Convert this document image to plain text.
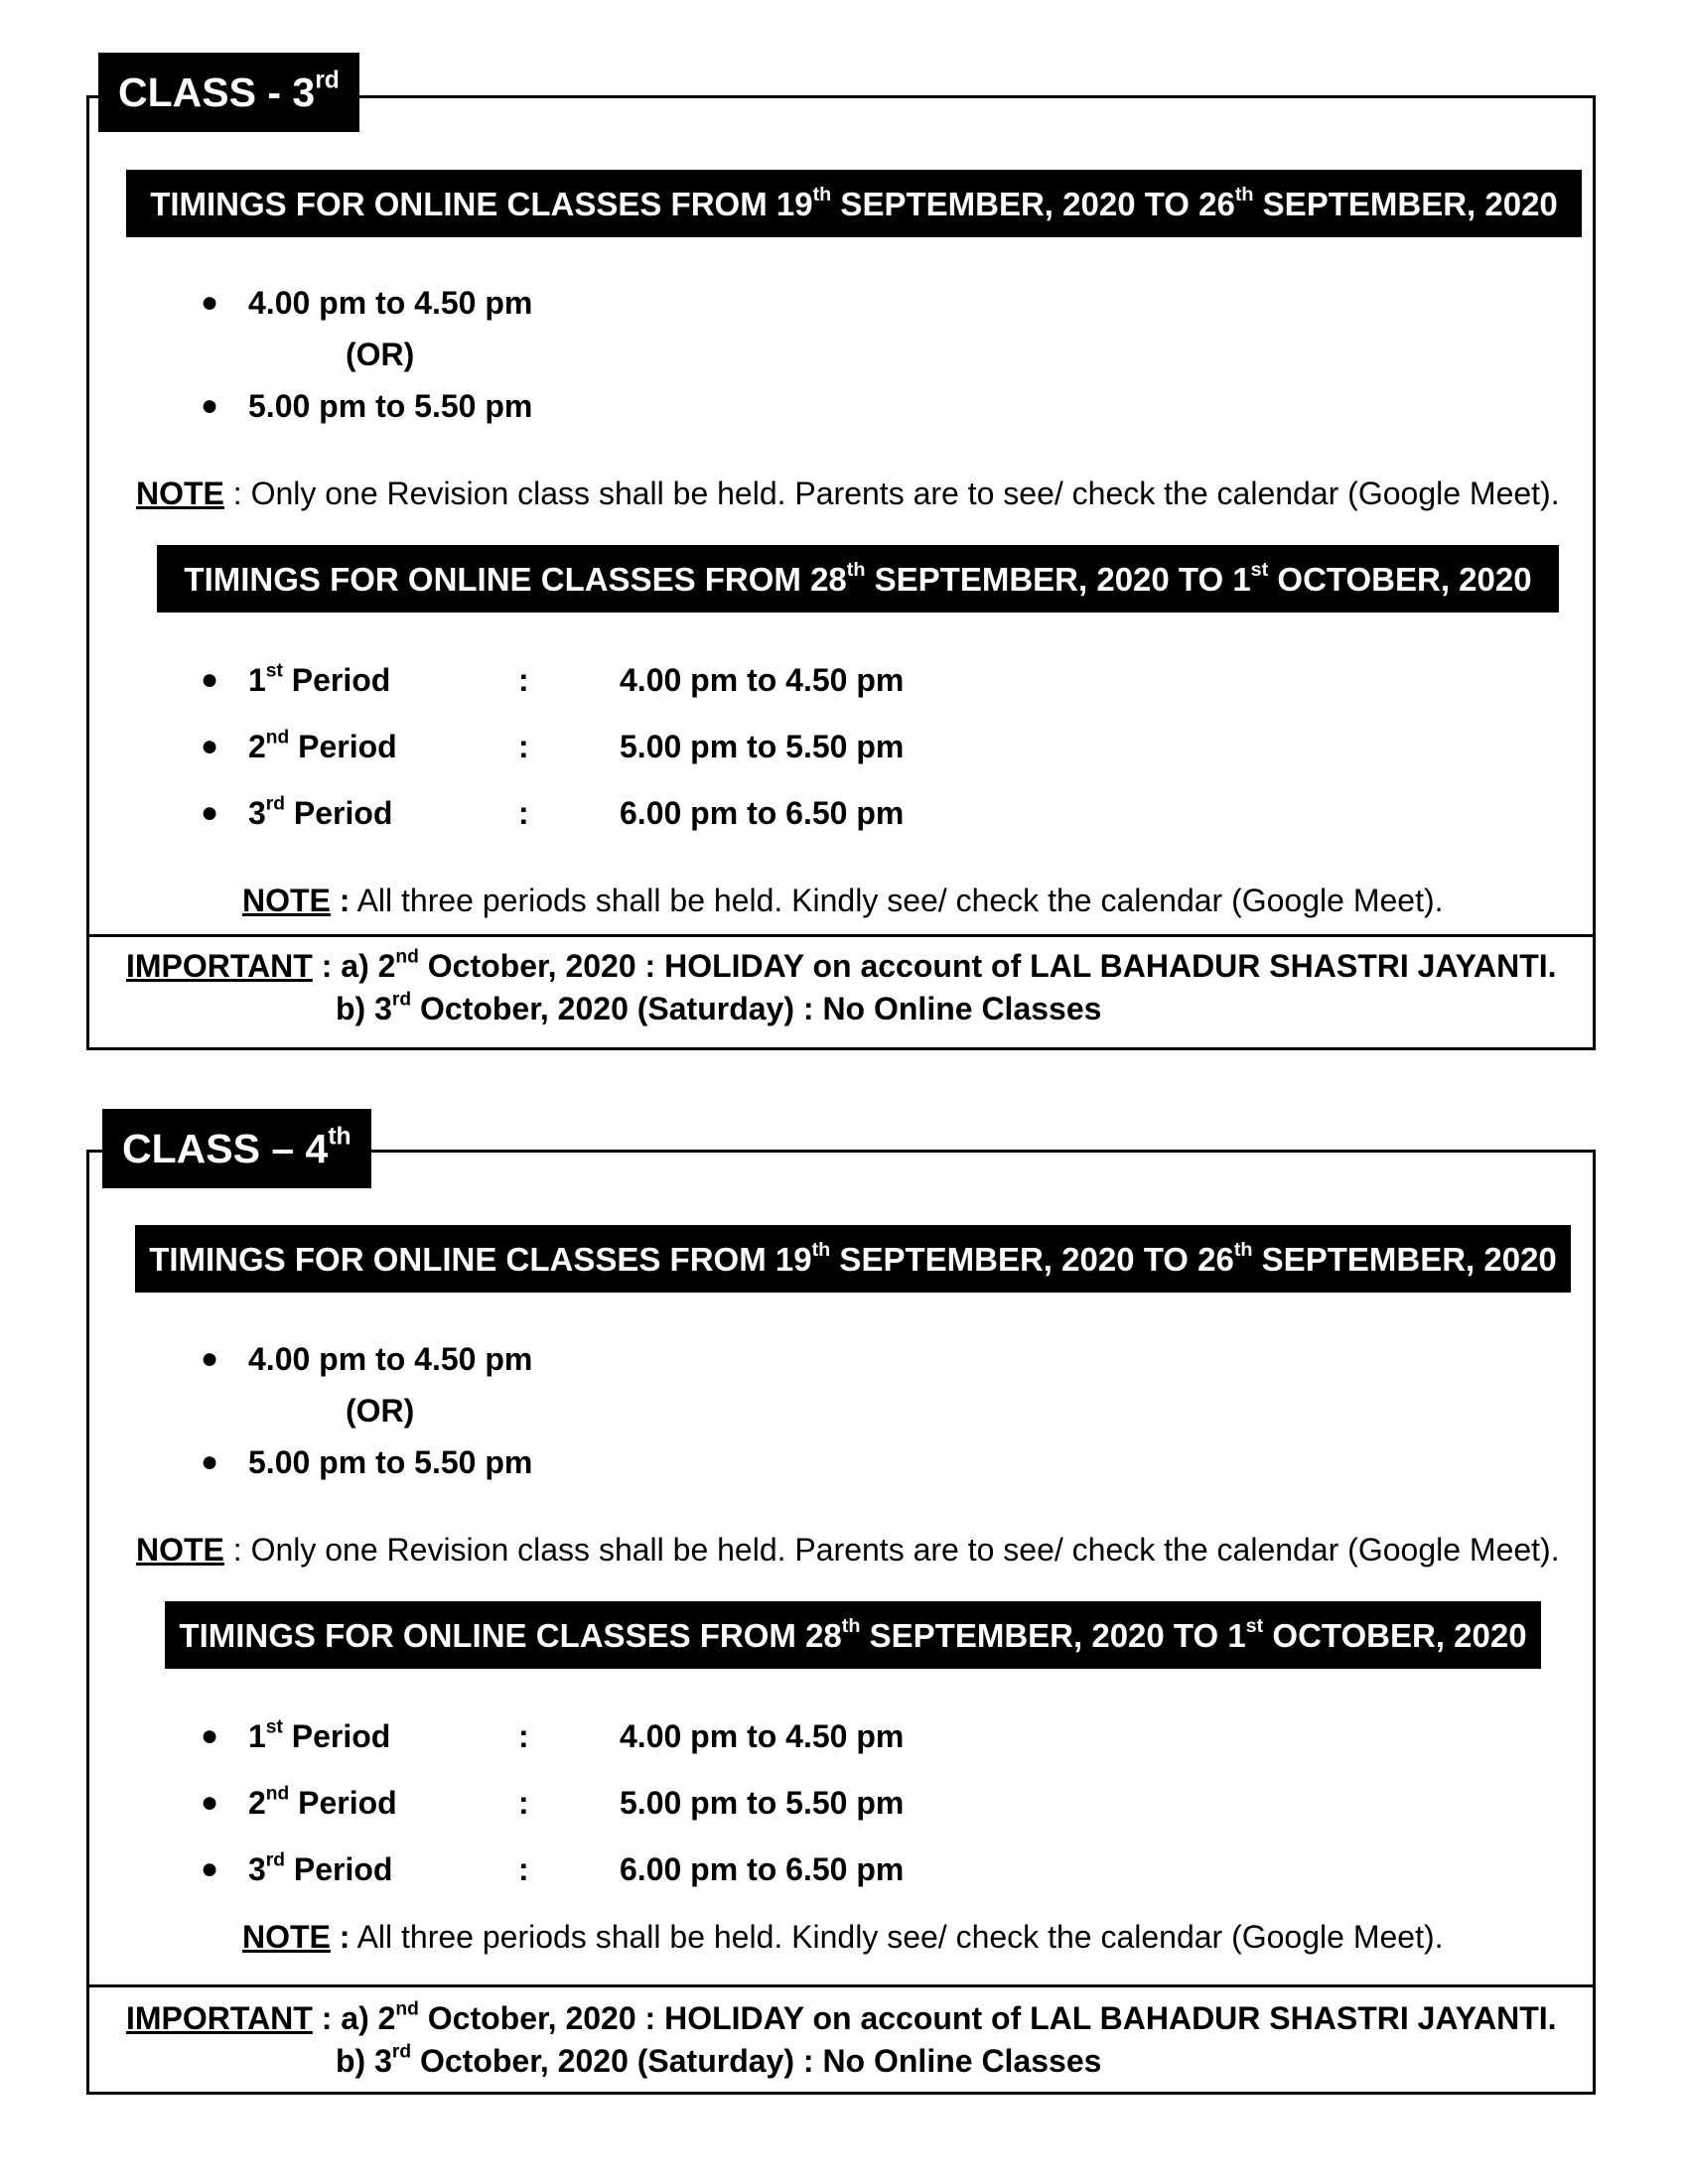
TIMINGS FOR ONLINE CLASSES FROM 19th SEPTEMBER, 2020 TO 26th SEPTEMBER, 2020
● 4.00 pm to 4.50 pm
(OR)
● 5.00 pm to 5.50 pm
NOTE : Only one Revision class shall be held. Parents are to see/ check the calendar (Google Meet).
TIMINGS FOR ONLINE CLASSES FROM 28th SEPTEMBER, 2020 TO 1st OCTOBER, 2020
● 1st Period	:	4.00 pm to 4.50 pm
● 2nd Period	:	5.00 pm to 5.50 pm
● 3rd Period	:	6.00 pm to 6.50 pm
NOTE : All three periods shall be held. Kindly see/ check the calendar (Google Meet).
IMPORTANT : a) 2nd October, 2020 : HOLIDAY on account of LAL BAHADUR SHASTRI JAYANTI.
b) 3rd October, 2020 (Saturday) : No Online Classes
CLASS - 3rd
TIMINGS FOR ONLINE CLASSES FROM 19th SEPTEMBER, 2020 TO 26th SEPTEMBER, 2020
● 4.00 pm to 4.50 pm
(OR)
● 5.00 pm to 5.50 pm
NOTE : Only one Revision class shall be held. Parents are to see/ check the calendar (Google Meet).
TIMINGS FOR ONLINE CLASSES FROM 28th SEPTEMBER, 2020 TO 1st OCTOBER, 2020
● 1st Period	:	4.00 pm to 4.50 pm
● 2nd Period	:	5.00 pm to 5.50 pm
● 3rd Period	:	6.00 pm to 6.50 pm
NOTE : All three periods shall be held. Kindly see/ check the calendar (Google Meet).
IMPORTANT : a) 2nd October, 2020 : HOLIDAY on account of LAL BAHADUR SHASTRI JAYANTI.
b) 3rd October, 2020 (Saturday) : No Online Classes
CLASS – 4th
